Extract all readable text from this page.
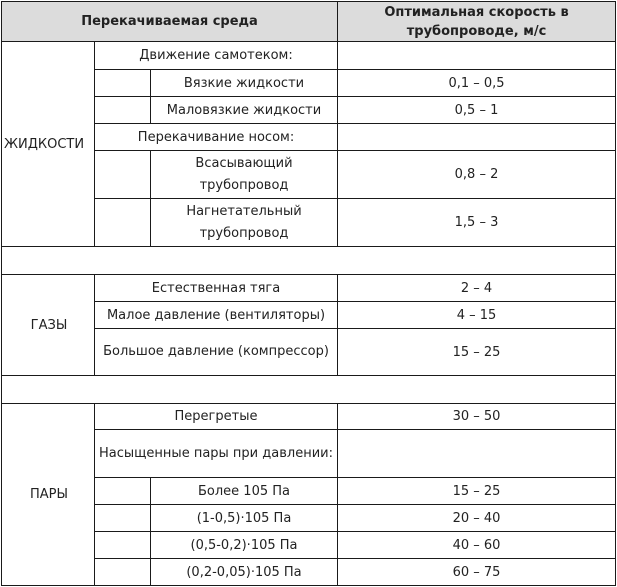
Перекачиваемая среда			Оптимальная скорость в трубопроводе, м/с
ЖИДКОСТИ	Движение самотеком:		
		Вязкие жидкости	0,1 – 0,5
		Маловязкие жидкости	0,5 – 1
	Перекачивание носом:		
		Всасывающий трубопровод	0,8 – 2
		Нагнетательный трубопровод	1,5 – 3

ГАЗЫ	Естественная тяга		2 – 4
	Малое давление (вентиляторы)		4 – 15
	Большое давление (компрессор)		15 – 25

ПАРЫ	Перегретые		30 – 50
	Насыщенные пары при давлении:		
		Более 105 Па	15 – 25
		(1-0,5)·105 Па	20 – 40
		(0,5-0,2)·105 Па	40 – 60
		(0,2-0,05)·105 Па	60 – 75
